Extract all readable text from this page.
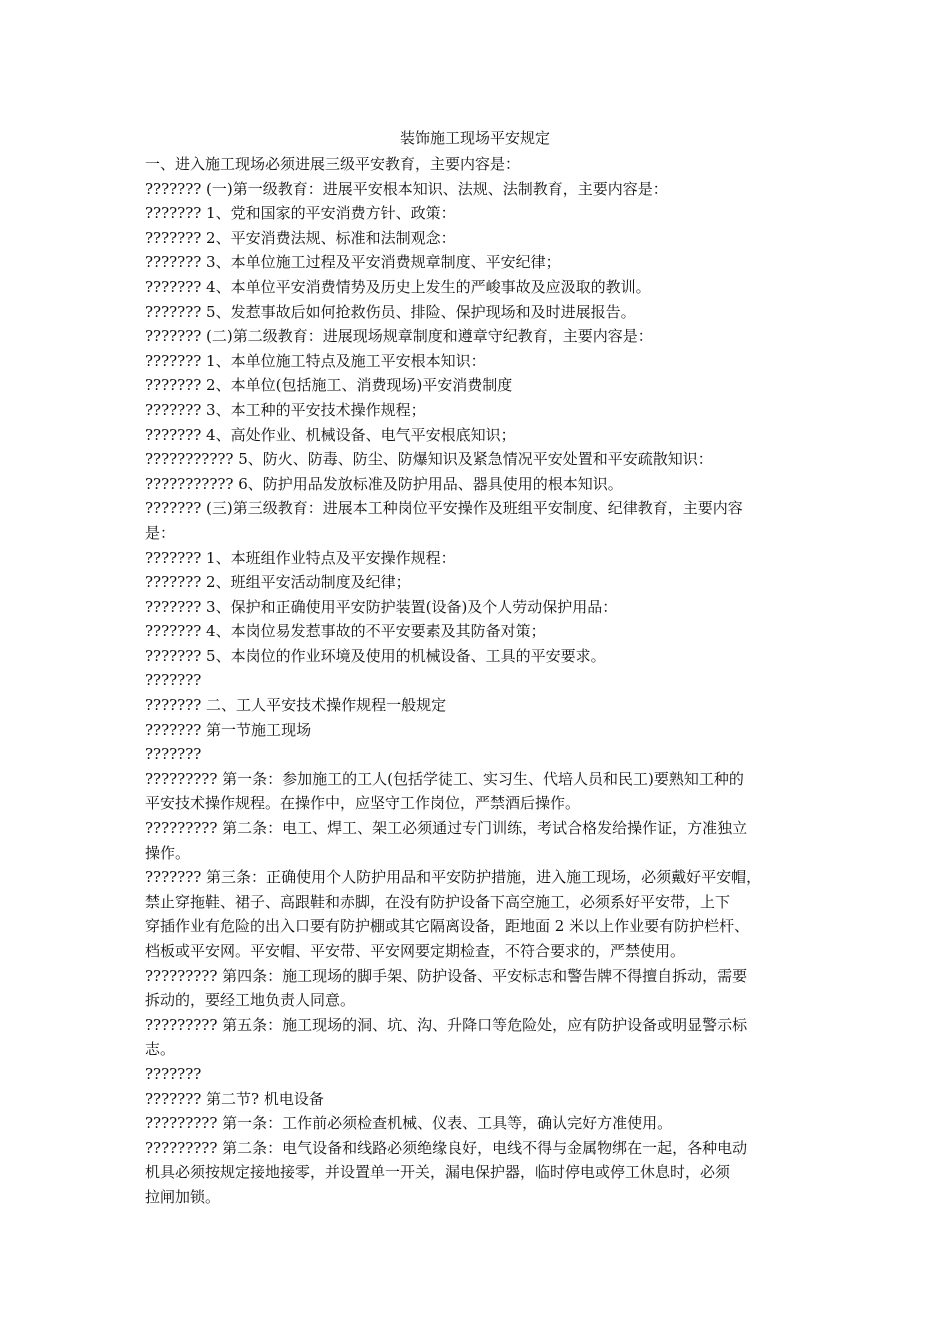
装饰施工现场平安规定
一、进入施工现场必须进展三级平安教育，主要内容是：
??????? (一)第一级教育：进展平安根本知识、法规、法制教育，主要内容是：
??????? 1、党和国家的平安消费方针、政策：
??????? 2、平安消费法规、标准和法制观念：
??????? 3、本单位施工过程及平安消费规章制度、平安纪律；
??????? 4、本单位平安消费情势及历史上发生的严峻事故及应汲取的教训。
??????? 5、发惹事故后如何抢救伤员、排险、保护现场和及时进展报告。
??????? (二)第二级教育：进展现场规章制度和遵章守纪教育，主要内容是：
??????? 1、本单位施工特点及施工平安根本知识：
??????? 2、本单位(包括施工、消费现场)平安消费制度
??????? 3、本工种的平安技术操作规程；
??????? 4、高处作业、机械设备、电气平安根底知识；
??????????? 5、防火、防毒、防尘、防爆知识及紧急情况平安处置和平安疏散知识：
??????????? 6、防护用品发放标准及防护用品、器具使用的根本知识。
??????? (三)第三级教育：进展本工种岗位平安操作及班组平安制度、纪律教育，主要内容
是：
??????? 1、本班组作业特点及平安操作规程：
??????? 2、班组平安活动制度及纪律；
??????? 3、保护和正确使用平安防护装置(设备)及个人劳动保护用品：
??????? 4、本岗位易发惹事故的不平安要素及其防备对策；
??????? 5、本岗位的作业环境及使用的机械设备、工具的平安要求。
???????
??????? 二、工人平安技术操作规程一般规定
??????? 第一节施工现场
???????
????????? 第一条：参加施工的工人(包括学徒工、实习生、代培人员和民工)要熟知工种的
平安技术操作规程。在操作中，应坚守工作岗位，严禁酒后操作。
????????? 第二条：电工、焊工、架工必须通过专门训练，考试合格发给操作证，方准独立
操作。
??????? 第三条：正确使用个人防护用品和平安防护措施，进入施工现场，必须戴好平安帽，
禁止穿拖鞋、裙子、高跟鞋和赤脚，在没有防护设备下高空施工，必须系好平安带，上下
穿插作业有危险的出入口要有防护棚或其它隔离设备，距地面 2 米以上作业要有防护栏杆、
档板或平安网。平安帽、平安带、平安网要定期检查，不符合要求的，严禁使用。
????????? 第四条：施工现场的脚手架、防护设备、平安标志和警告牌不得擅自拆动，需要
拆动的，要经工地负责人同意。
????????? 第五条：施工现场的洞、坑、沟、升降口等危险处，应有防护设备或明显警示标
志。
???????
??????? 第二节? 机电设备
????????? 第一条：工作前必须检查机械、仪表、工具等，确认完好方准使用。
????????? 第二条：电气设备和线路必须绝缘良好，电线不得与金属物绑在一起，各种电动
机具必须按规定接地接零，并设置单一开关，漏电保护器，临时停电或停工休息时，必须
拉闸加锁。
